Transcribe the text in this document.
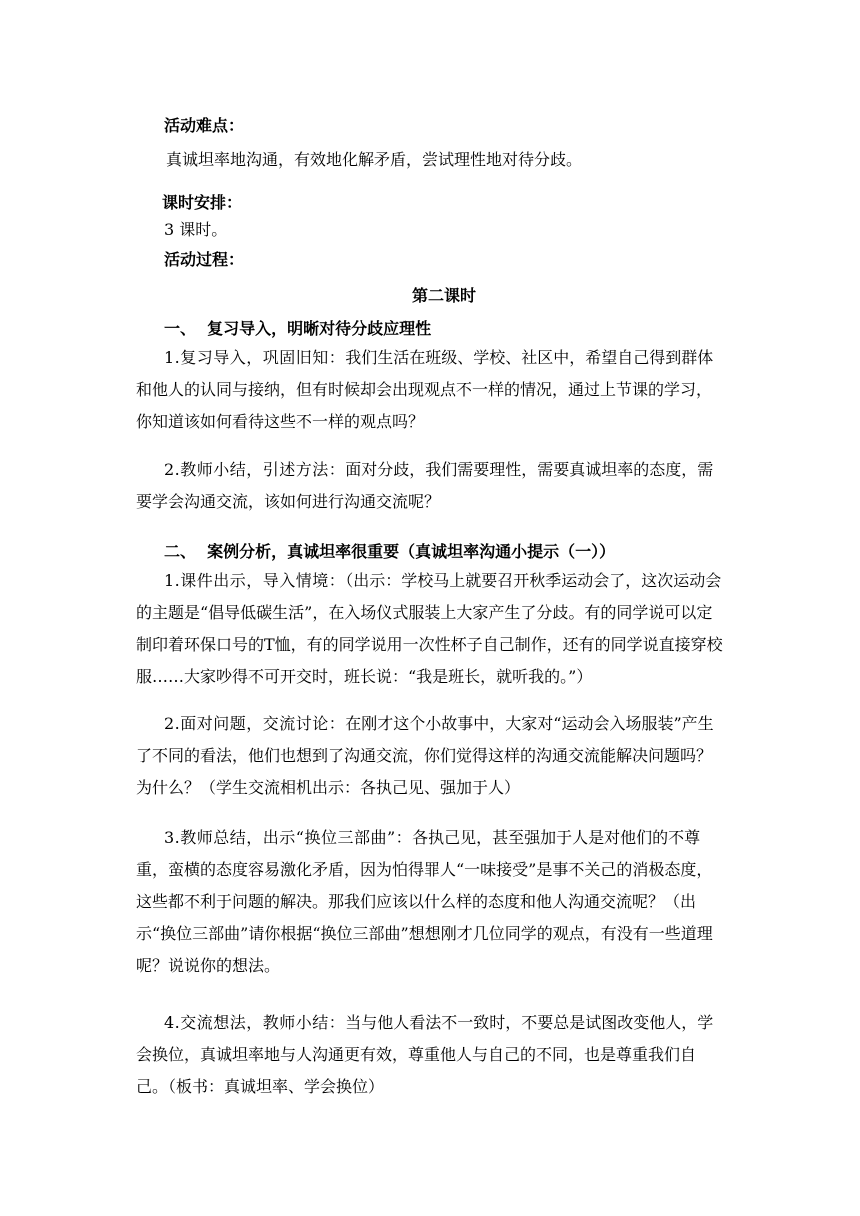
活动难点：
真诚坦率地沟通，有效地化解矛盾，尝试理性地对待分歧。
课时安排：
3 课时。
活动过程：
第二课时
一、  复习导入，明晰对待分歧应理性
1.复习导入，巩固旧知：我们生活在班级、学校、社区中，希望自己得到群体和他人的认同与接纳，但有时候却会出现观点不一样的情况，通过上节课的学习，你知道该如何看待这些不一样的观点吗？
2.教师小结，引述方法：面对分歧，我们需要理性，需要真诚坦率的态度，需要学会沟通交流，该如何进行沟通交流呢？
二、  案例分析，真诚坦率很重要（真诚坦率沟通小提示（一））
1.课件出示，导入情境：（出示：学校马上就要召开秋季运动会了，这次运动会的主题是“倡导低碳生活”，在入场仪式服装上大家产生了分歧。有的同学说可以定制印着环保口号的T恤，有的同学说用一次性杯子自己制作，还有的同学说直接穿校服……大家吵得不可开交时，班长说：“我是班长，就听我的。”）
2.面对问题，交流讨论：在刚才这个小故事中，大家对“运动会入场服装”产生了不同的看法，他们也想到了沟通交流，你们觉得这样的沟通交流能解决问题吗？为什么？（学生交流相机出示：各执己见、强加于人）
3.教师总结，出示“换位三部曲”：各执己见，甚至强加于人是对他们的不尊重，蛮横的态度容易激化矛盾，因为怕得罪人“一味接受”是事不关己的消极态度，这些都不利于问题的解决。那我们应该以什么样的态度和他人沟通交流呢？（出示“换位三部曲”请你根据“换位三部曲”想想刚才几位同学的观点，有没有一些道理呢？说说你的想法。
4.交流想法，教师小结：当与他人看法不一致时，不要总是试图改变他人，学会换位，真诚坦率地与人沟通更有效，尊重他人与自己的不同，也是尊重我们自己。（板书：真诚坦率、学会换位）
